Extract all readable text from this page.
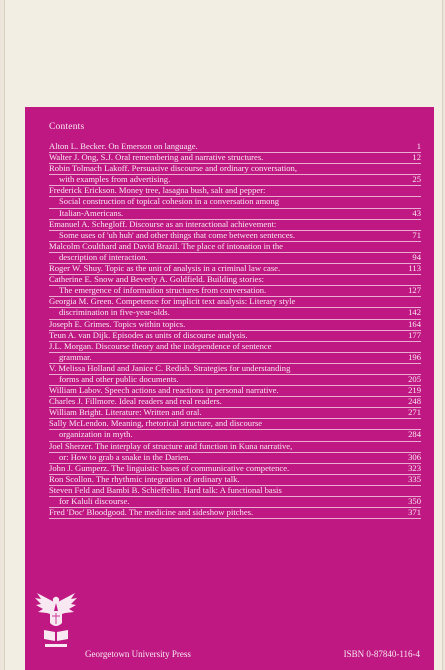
Contents
Alton L. Becker. On Emerson on language.	1
Walter J. Ong, S.J. Oral remembering and narrative structures.	12
Robin Tolmach Lakoff. Persuasive discourse and ordinary conversation,
with examples from advertising.	25
Frederick Erickson. Money tree, lasagna bush, salt and pepper:
Social construction of topical cohesion in a conversation among
Italian-Americans.	43
Emanuel A. Schegloff. Discourse as an interactional achievement:
Some uses of 'uh huh' and other things that come between sentences.	71
Malcolm Coulthard and David Brazil. The place of intonation in the
description of interaction.	94
Roger W. Shuy. Topic as the unit of analysis in a criminal law case.	113
Catherine E. Snow and Beverly A. Goldfield. Building stories:
The emergence of information structures from conversation.	127
Georgia M. Green. Competence for implicit text analysis: Literary style
discrimination in five-year-olds.	142
Joseph E. Grimes. Topics within topics.	164
Teun A. van Dijk. Episodes as units of discourse analysis.	177
J.L. Morgan. Discourse theory and the independence of sentence
grammar.	196
V. Melissa Holland and Janice C. Redish. Strategies for understanding
forms and other public documents.	205
William Labov. Speech actions and reactions in personal narrative.	219
Charles J. Fillmore. Ideal readers and real readers.	248
William Bright. Literature: Written and oral.	271
Sally McLendon. Meaning, rhetorical structure, and discourse
organization in myth.	284
Joel Sherzer. The interplay of structure and function in Kuna narrative,
or: How to grab a snake in the Darien.	306
John J. Gumperz. The linguistic bases of communicative competence.	323
Ron Scollon. The rhythmic integration of ordinary talk.	335
Steven Feld and Bambi B. Schieffelin. Hard talk: A functional basis
for Kaluli discourse.	350
Fred 'Doc' Bloodgood. The medicine and sideshow pitches.	371
Georgetown University Press	ISBN 0-87840-116-4
